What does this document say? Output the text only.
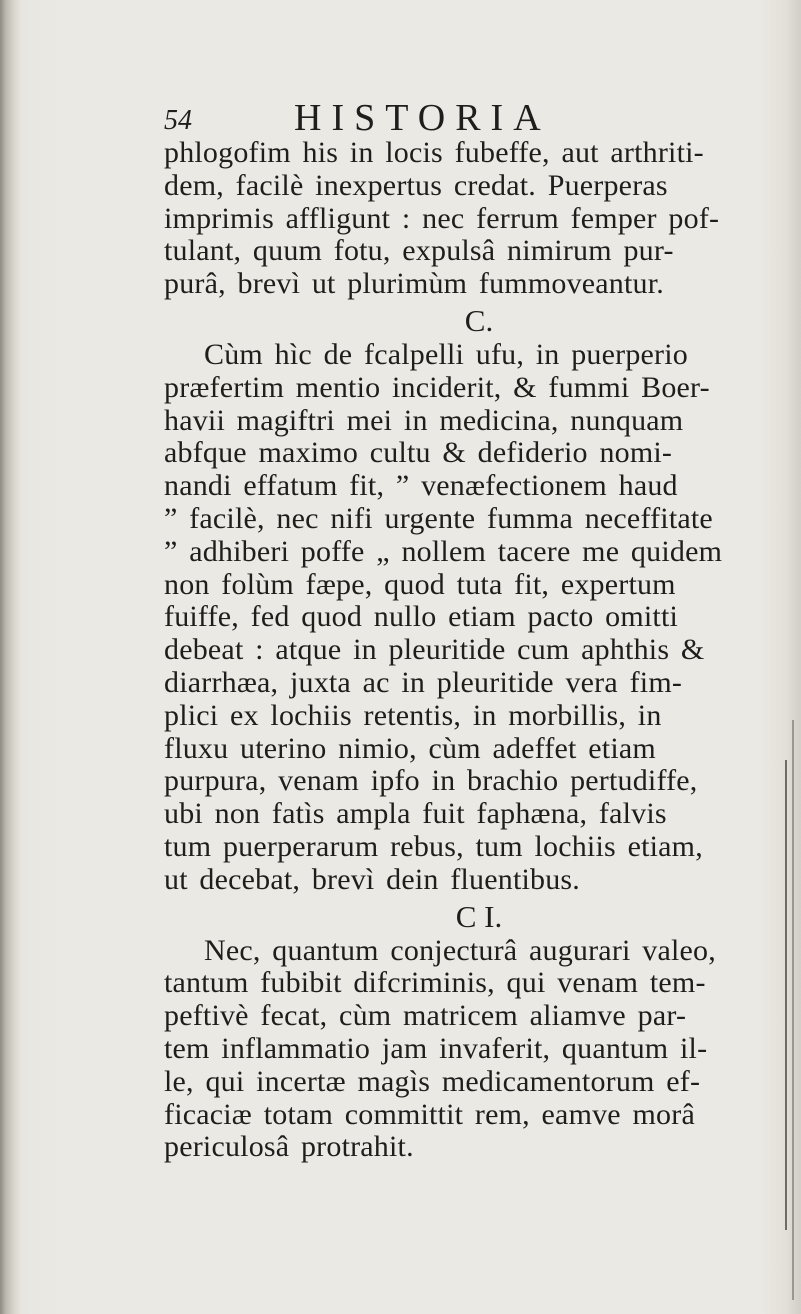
54	HISTORIA
phlogofim his in locis fubeffe, aut arthriti-
dem, facilè inexpertus credat. Puerperas
imprimis affligunt : nec ferrum femper pof-
tulant, quum fotu, expulsâ nimirum pur-
purâ, brevì ut plurimùm fummoveantur.
C.
Cùm hìc de fcalpelli ufu, in puerperio
præfertim mentio inciderit, & fummi Boer-
havii magiftri mei in medicina, nunquam
abfque maximo cultu & defiderio nomi-
nandi effatum fit, ” venæfectionem haud
” facilè, nec nifi urgente fumma neceffitate
” adhiberi poffe „ nollem tacere me quidem
non folùm fæpe, quod tuta fit, expertum
fuiffe, fed quod nullo etiam pacto omitti
debeat : atque in pleuritide cum aphthis &
diarrhæa, juxta ac in pleuritide vera fim-
plici ex lochiis retentis, in morbillis, in
fluxu uterino nimio, cùm adeffet etiam
purpura, venam ipfo in brachio pertudiffe,
ubi non fatìs ampla fuit faphæna, falvis
tum puerperarum rebus, tum lochiis etiam,
ut decebat, brevì dein fluentibus.
C I.
Nec, quantum conjecturâ augurari valeo,
tantum fubibit difcriminis, qui venam tem-
peftivè fecat, cùm matricem aliamve par-
tem inflammatio jam invaferit, quantum il-
le, qui incertæ magìs medicamentorum ef-
ficaciæ totam committit rem, eamve morâ
periculosâ protrahit.
